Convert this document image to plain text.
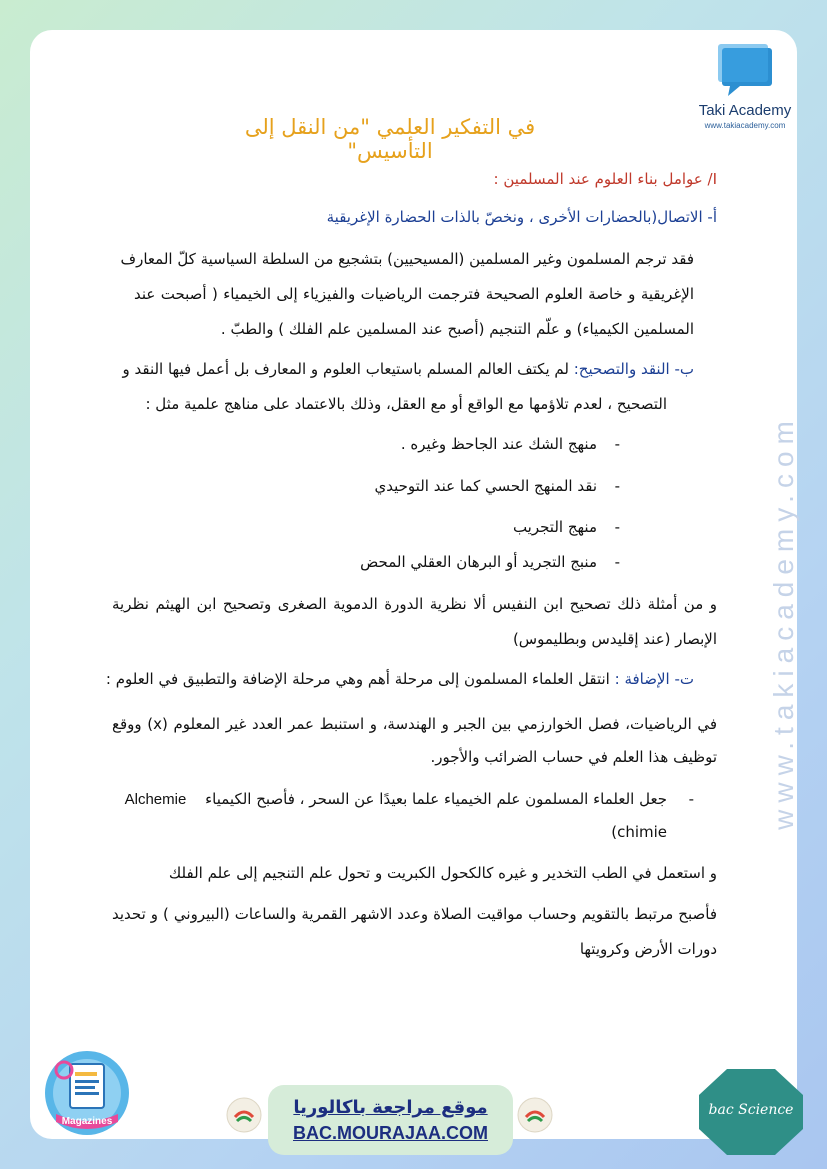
Taki Academy
www.takiacademy.com
في التفكير العلمي "من النقل إلى التأسيس"
I/ عوامل بناء العلوم عند المسلمين :
أ- الاتصال(بالحضارات الأخرى ، ونخصّ بالذات الحضارة الإغريقية
فقد ترجم المسلمون وغير المسلمين (المسيحيين) بتشجيع من السلطة السياسية كلّ المعارف
الإغريقية و خاصة العلوم الصحيحة فترجمت الرياضيات والفيزياء إلى الخيمياء ( أصبحت عند
المسلمين الكيمياء) و علّم التنجيم (أصبح عند المسلمين علم الفلك ) والطبّ .
ب- النقد والتصحيح: لم يكتف العالم المسلم باستيعاب العلوم و المعارف بل أعمل فيها النقد و
التصحيح ، لعدم تلاؤمها مع الواقع أو مع العقل، وذلك بالاعتماد على مناهج علمية مثل :
-
منهج الشك عند الجاحظ وغيره .
-
نقد المنهج الحسي كما عند التوحيدي
-
منهج التجريب
-
منبج التجريد أو البرهان العقلي المحض
و من أمثلة ذلك تصحيح ابن النفيس ألا نظرية الدورة الدموية الصغرى وتصحيح ابن الهيثم نظرية
الإبصار (عند إقليدس وبطليموس)
ت- الإضافة : انتقل العلماء المسلمون إلى مرحلة أهم وهي مرحلة الإضافة والتطبيق في العلوم :
في الرياضيات، فصل الخوارزمي بين الجبر و الهندسة، و استنبط عمر العدد غير المعلوم (x) ووقع
توظيف هذا العلم في حساب الضرائب والأجور.
-
جعل العلماء المسلمون علم الخيمياء علما بعيدًا عن السحر ، فأصبح الكيمياء Alchemie
(chimie
و استعمل في الطب التخدير و غيره كالكحول الكبريت و تحول علم التنجيم إلى علم الفلك
فأصبح مرتبط بالتقويم وحساب مواقيت الصلاة وعدد الاشهر القمرية والساعات (البيروني ) و تحديد
دورات الأرض وكرويتها
www.takiacademy.com
Magazines
موقع مراجعة باكالوريا
BAC.MOURAJAA.COM
bac Science
